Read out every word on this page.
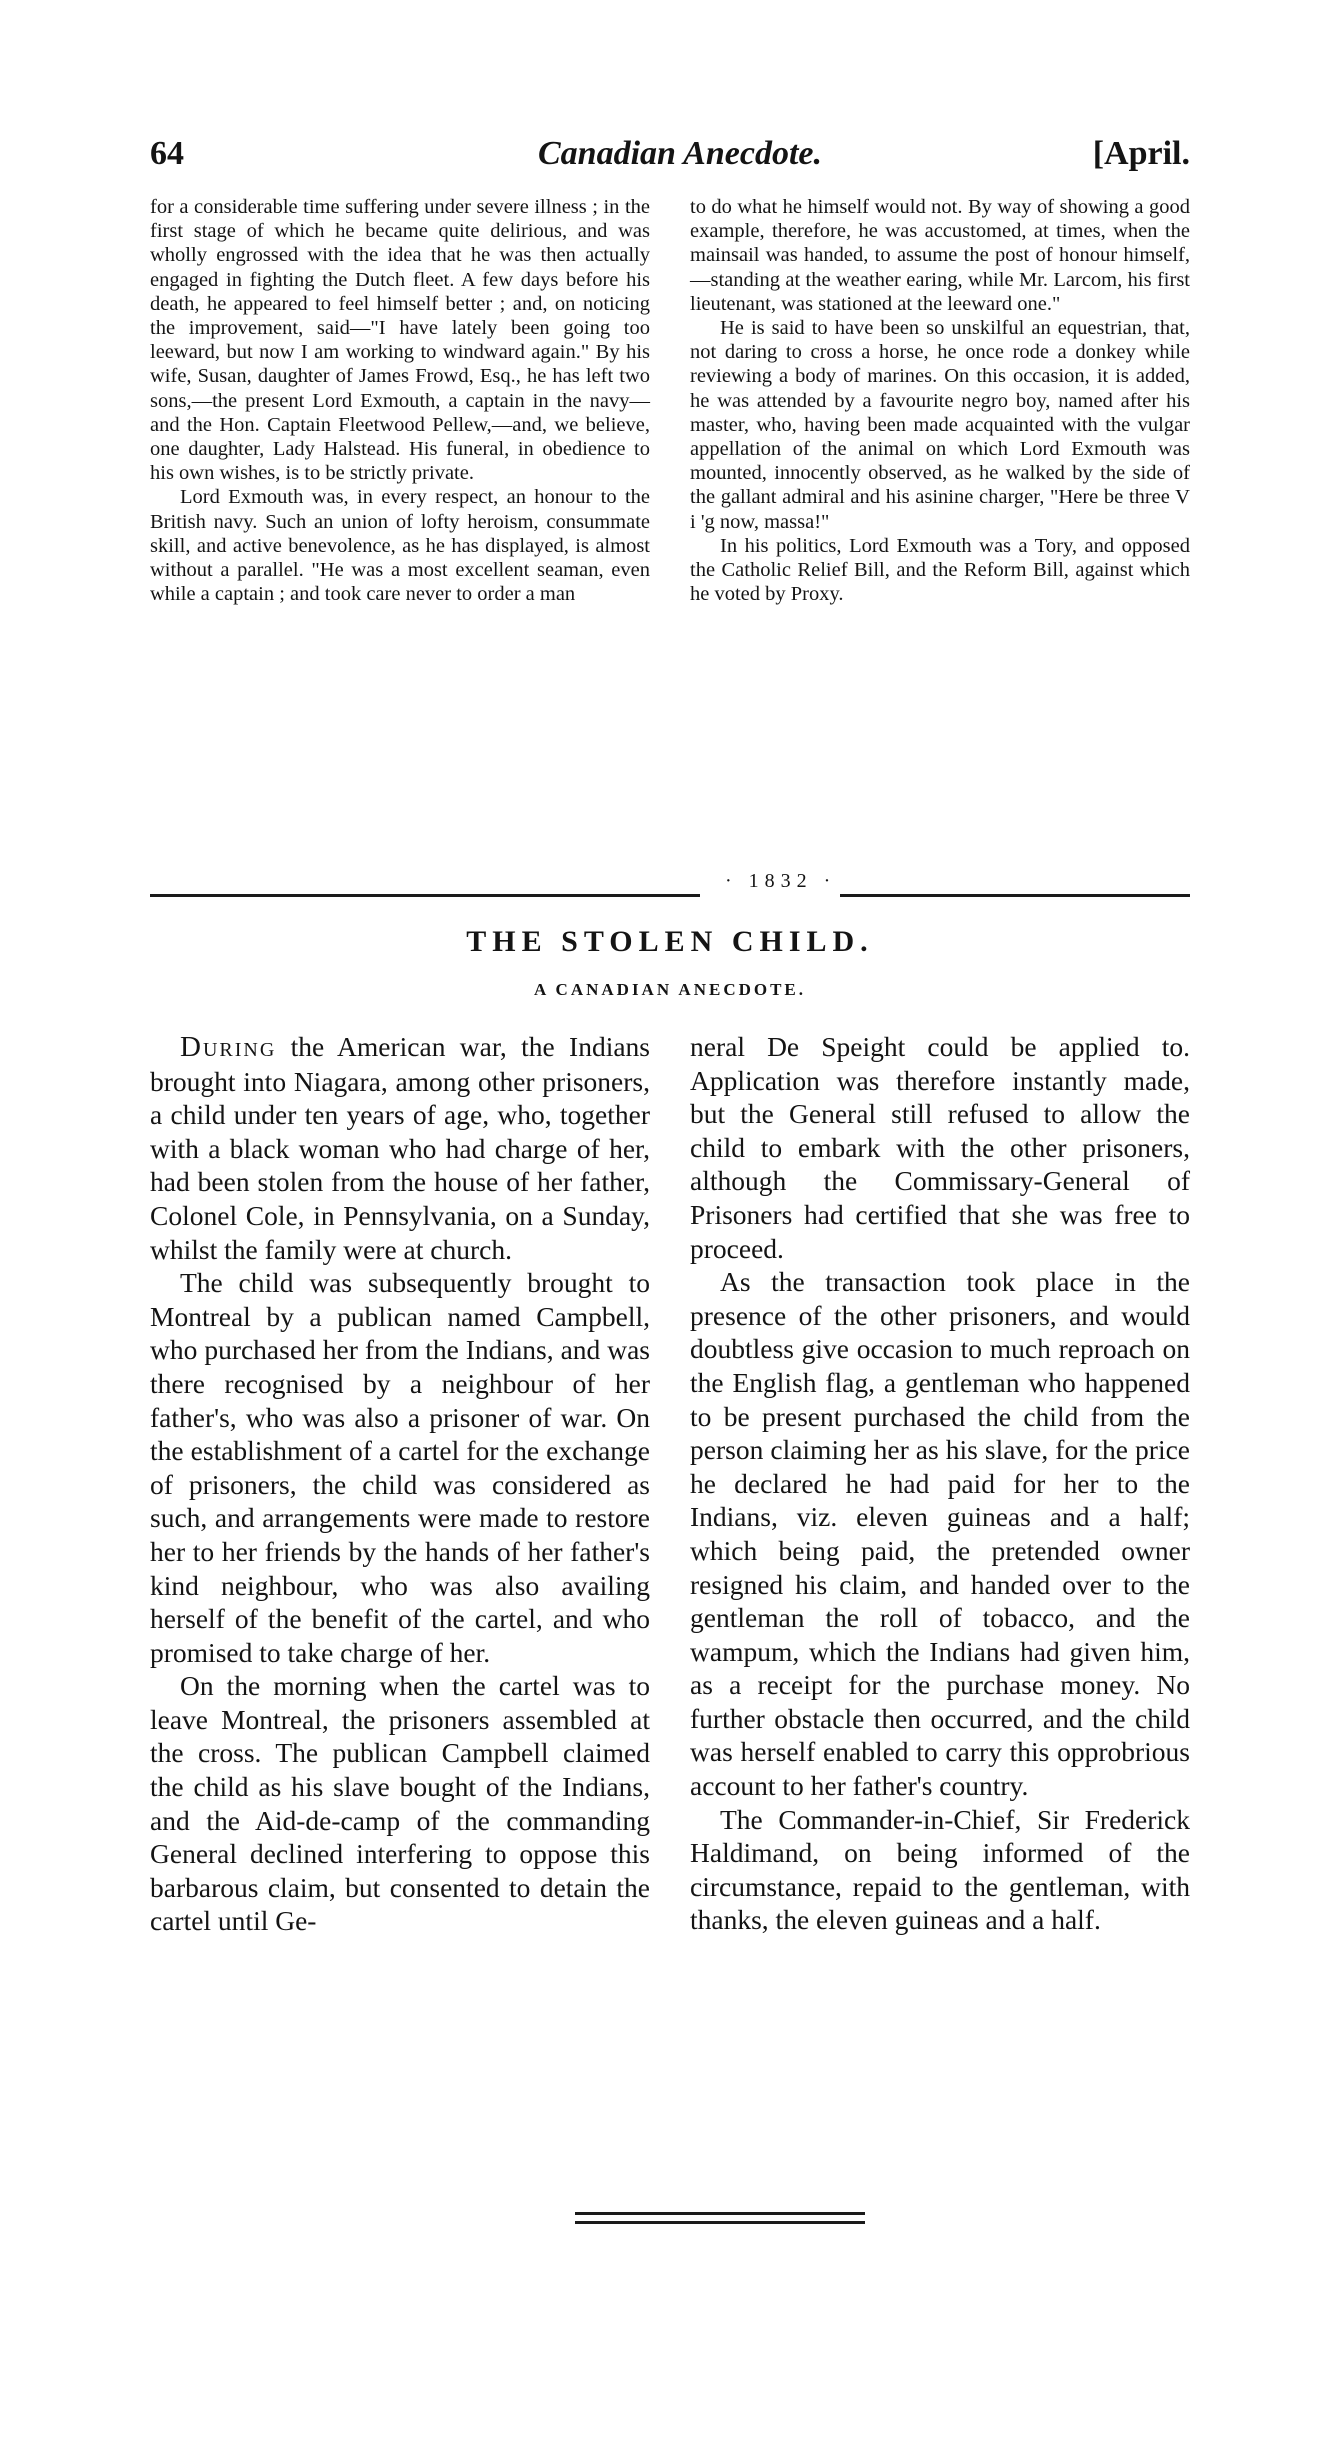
64	Canadian Anecdote.	[April.

for a considerable time suffering under severe illness ; in the first stage of which he became quite delirious, and was wholly engrossed with the idea that he was then actually engaged in fighting the Dutch fleet. A few days before his death, he appeared to feel himself better ; and, on noticing the improvement, said—"I have lately been going too leeward, but now I am working to windward again." By his wife, Susan, daughter of James Frowd, Esq., he has left two sons,—the present Lord Exmouth, a captain in the navy—and the Hon. Captain Fleetwood Pellew,—and, we believe, one daughter, Lady Halstead. His funeral, in obedience to his own wishes, is to be strictly private.

Lord Exmouth was, in every respect, an honour to the British navy. Such an union of lofty heroism, consummate skill, and active benevolence, as he has displayed, is almost without a parallel. "He was a most excellent seaman, even while a captain ; and took care never to order a man

to do what he himself would not. By way of showing a good example, therefore, he was accustomed, at times, when the mainsail was handed, to assume the post of honour himself,—standing at the weather earing, while Mr. Larcom, his first lieutenant, was stationed at the leeward one."

He is said to have been so unskilful an equestrian, that, not daring to cross a horse, he once rode a donkey while reviewing a body of marines. On this occasion, it is added, he was attended by a favourite negro boy, named after his master, who, having been made acquainted with the vulgar appellation of the animal on which Lord Exmouth was mounted, innocently observed, as he walked by the side of the gallant admiral and his asinine charger, "Here be three V i 'g now, massa!"

In his politics, Lord Exmouth was a Tory, and opposed the Catholic Relief Bill, and the Reform Bill, against which he voted by Proxy.

· 1832 ·
THE STOLEN CHILD.
A CANADIAN ANECDOTE.

During the American war, the Indians brought into Niagara, among other prisoners, a child under ten years of age, who, together with a black woman who had charge of her, had been stolen from the house of her father, Colonel Cole, in Pennsylvania, on a Sunday, whilst the family were at church.

The child was subsequently brought to Montreal by a publican named Campbell, who purchased her from the Indians, and was there recognised by a neighbour of her father's, who was also a prisoner of war. On the establishment of a cartel for the exchange of prisoners, the child was considered as such, and arrangements were made to restore her to her friends by the hands of her father's kind neighbour, who was also availing herself of the benefit of the cartel, and who promised to take charge of her.

On the morning when the cartel was to leave Montreal, the prisoners assembled at the cross. The publican Campbell claimed the child as his slave bought of the Indians, and the Aid-de-camp of the commanding General declined interfering to oppose this barbarous claim, but consented to detain the cartel until Ge-

neral De Speight could be applied to. Application was therefore instantly made, but the General still refused to allow the child to embark with the other prisoners, although the Commissary-General of Prisoners had certified that she was free to proceed.

As the transaction took place in the presence of the other prisoners, and would doubtless give occasion to much reproach on the English flag, a gentleman who happened to be present purchased the child from the person claiming her as his slave, for the price he declared he had paid for her to the Indians, viz. eleven guineas and a half; which being paid, the pretended owner resigned his claim, and handed over to the gentleman the roll of tobacco, and the wampum, which the Indians had given him, as a receipt for the purchase money. No further obstacle then occurred, and the child was herself enabled to carry this opprobrious account to her father's country.

The Commander-in-Chief, Sir Frederick Haldimand, on being informed of the circumstance, repaid to the gentleman, with thanks, the eleven guineas and a half.
